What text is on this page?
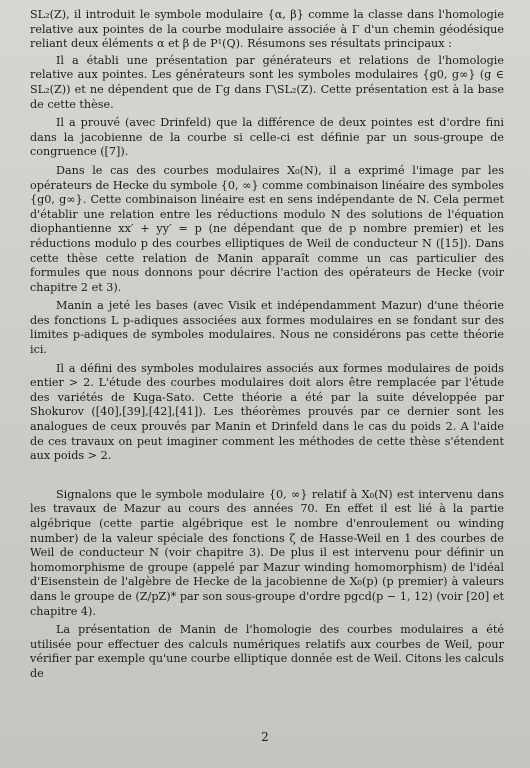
SL₂(Z), il introduit le symbole modulaire {α, β} comme la classe dans l'homologie relative aux pointes de la courbe modulaire associée à Γ d'un chemin géodésique reliant deux éléments α et β de P¹(Q). Résumons ses résultats principaux :

Il a établi une présentation par générateurs et relations de l'homologie relative aux pointes. Les générateurs sont les symboles modulaires {g0, g∞} (g ∈ SL₂(Z)) et ne dépendent que de Γg dans Γ\SL₂(Z). Cette présentation est à la base de cette thèse.

Il a prouvé (avec Drinfeld) que la différence de deux pointes est d'ordre fini dans la jacobienne de la courbe si celle-ci est définie par un sous-groupe de congruence ([7]).

Dans le cas des courbes modulaires X₀(N), il a exprimé l'image par les opérateurs de Hecke du symbole {0, ∞} comme combinaison linéaire des symboles {g0, g∞}. Cette combinaison linéaire est en sens indépendante de N. Cela permet d'établir une relation entre les réductions modulo N des solutions de l'équation diophantienne xx′ + yy′ = p (ne dépendant que de p nombre premier) et les réductions modulo p des courbes elliptiques de Weil de conducteur N ([15]). Dans cette thèse cette relation de Manin apparaît comme un cas particulier des formules que nous donnons pour décrire l'action des opérateurs de Hecke (voir chapitre 2 et 3).

Manin a jeté les bases (avec Visik et indépendamment Mazur) d'une théorie des fonctions L p-adiques associées aux formes modulaires en se fondant sur des limites p-adiques de symboles modulaires. Nous ne considérons pas cette théorie ici.

Il a défini des symboles modulaires associés aux formes modulaires de poids entier > 2. L'étude des courbes modulaires doit alors être remplacée par l'étude des variétés de Kuga-Sato. Cette théorie a été par la suite développée par Shokurov ([40],[39],[42],[41]). Les théorèmes prouvés par ce dernier sont les analogues de ceux prouvés par Manin et Drinfeld dans le cas du poids 2. A l'aide de ces travaux on peut imaginer comment les méthodes de cette thèse s'étendent aux poids > 2.

Signalons que le symbole modulaire {0, ∞} relatif à X₀(N) est intervenu dans les travaux de Mazur au cours des années 70. En effet il est lié à la partie algébrique (cette partie algébrique est le nombre d'enroulement ou winding number) de la valeur spéciale des fonctions ζ de Hasse-Weil en 1 des courbes de Weil de conducteur N (voir chapitre 3). De plus il est intervenu pour définir un homomorphisme de groupe (appelé par Mazur winding homomorphism) de l'idéal d'Eisenstein de l'algèbre de Hecke de la jacobienne de X₀(p) (p premier) à valeurs dans le groupe de (Z/pZ)* par son sous-groupe d'ordre pgcd(p − 1, 12) (voir [20] et chapitre 4).

La présentation de Manin de l'homologie des courbes modulaires a été utilisée pour effectuer des calculs numériques relatifs aux courbes de Weil, pour vérifier par exemple qu'une courbe elliptique donnée est de Weil. Citons les calculs de

2
